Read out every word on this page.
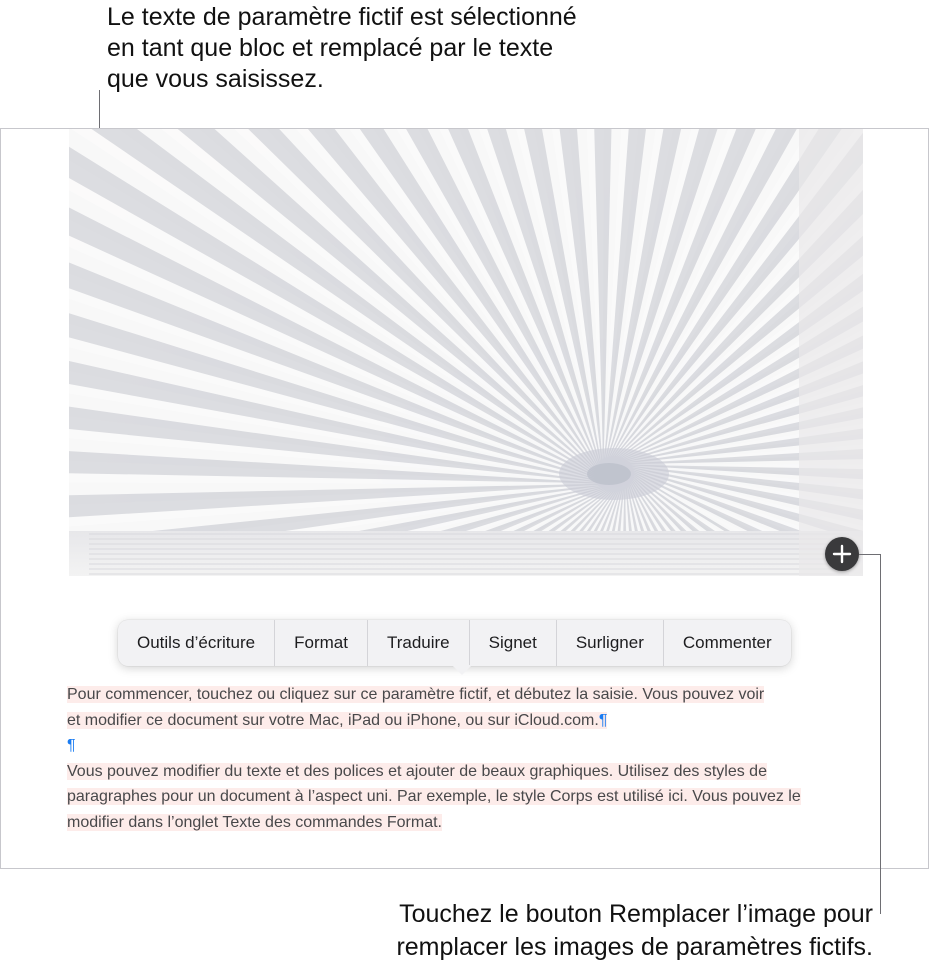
Le texte de paramètre fictif est sélectionné
en tant que bloc et remplacé par le texte
que vous saisissez.
Outils d’écriture	Format	Traduire	Signet	Surligner	Commenter
Pour commencer, touchez ou cliquez sur ce paramètre fictif, et débutez la saisie. Vous pouvez voir
et modifier ce document sur votre Mac, iPad ou iPhone, ou sur iCloud.com.¶
¶
Vous pouvez modifier du texte et des polices et ajouter de beaux graphiques. Utilisez des styles de
paragraphes pour un document à l’aspect uni. Par exemple, le style Corps est utilisé ici. Vous pouvez le
modifier dans l’onglet Texte des commandes Format.
Touchez le bouton Remplacer l’image pour
remplacer les images de paramètres fictifs.
